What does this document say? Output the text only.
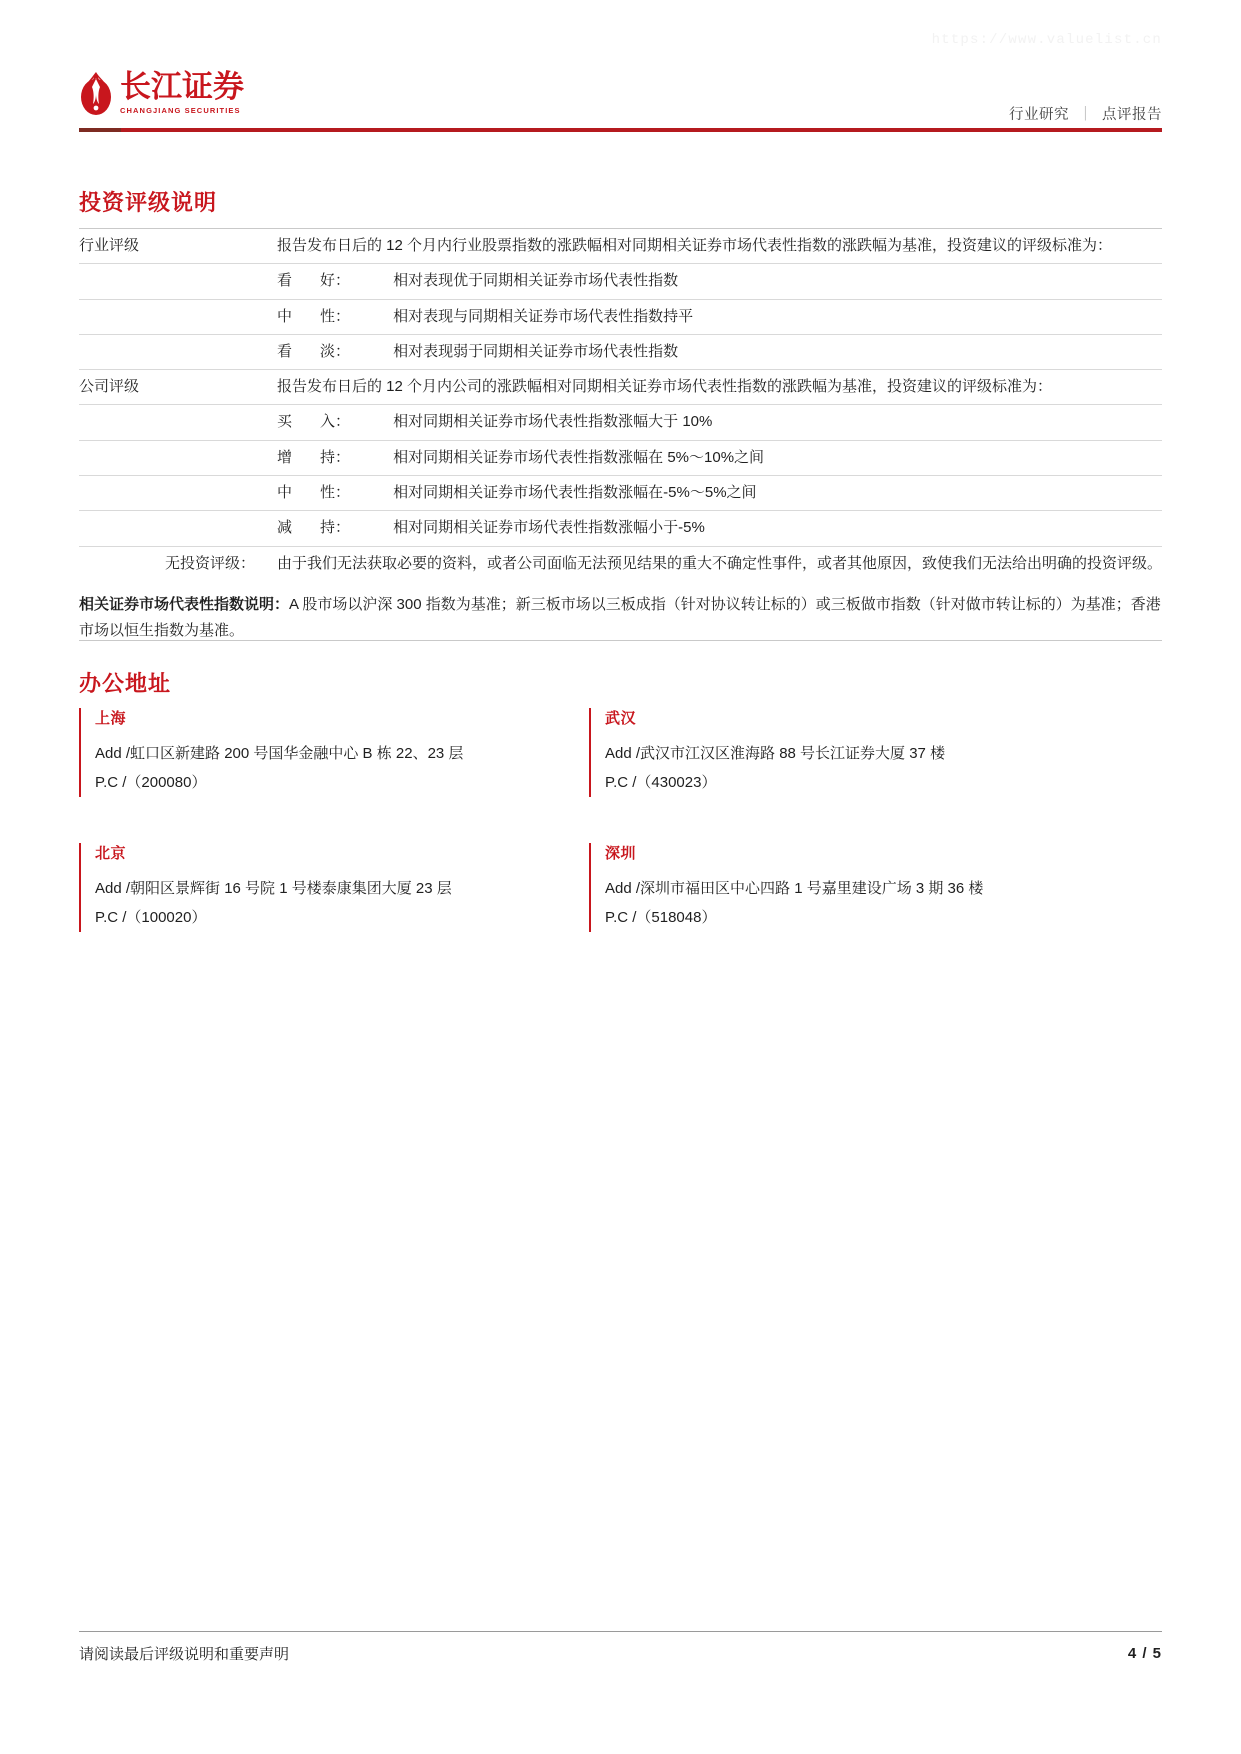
https://www.valuelist.cn
长江证券
CHANGJIANG SECURITIES	行业研究 ｜ 点评报告
投资评级说明
行业评级	报告发布日后的 12 个月内行业股票指数的涨跌幅相对同期相关证券市场代表性指数的涨跌幅为基准，投资建议的评级标准为：
	看 好： 相对表现优于同期相关证券市场代表性指数
	中 性： 相对表现与同期相关证券市场代表性指数持平
	看 淡： 相对表现弱于同期相关证券市场代表性指数
公司评级	报告发布日后的 12 个月内公司的涨跌幅相对同期相关证券市场代表性指数的涨跌幅为基准，投资建议的评级标准为：
	买 入： 相对同期相关证券市场代表性指数涨幅大于 10%
	增 持： 相对同期相关证券市场代表性指数涨幅在 5%～10%之间
	中 性： 相对同期相关证券市场代表性指数涨幅在-5%～5%之间
	减 持： 相对同期相关证券市场代表性指数涨幅小于-5%
无投资评级：	由于我们无法获取必要的资料，或者公司面临无法预见结果的重大不确定性事件，或者其他原因，致使我们无法给出明确的投资评级。
相关证券市场代表性指数说明：A 股市场以沪深 300 指数为基准；新三板市场以三板成指（针对协议转让标的）或三板做市指数（针对做市转让标的）为基准；香港市场以恒生指数为基准。
办公地址
上海
Add /虹口区新建路 200 号国华金融中心 B 栋 22、23 层
P.C /（200080）
武汉
Add /武汉市江汉区淮海路 88 号长江证券大厦 37 楼
P.C /（430023）
北京
Add /朝阳区景辉街 16 号院 1 号楼泰康集团大厦 23 层
P.C /（100020）
深圳
Add /深圳市福田区中心四路 1 号嘉里建设广场 3 期 36 楼
P.C /（518048）
请阅读最后评级说明和重要声明	4 / 5
